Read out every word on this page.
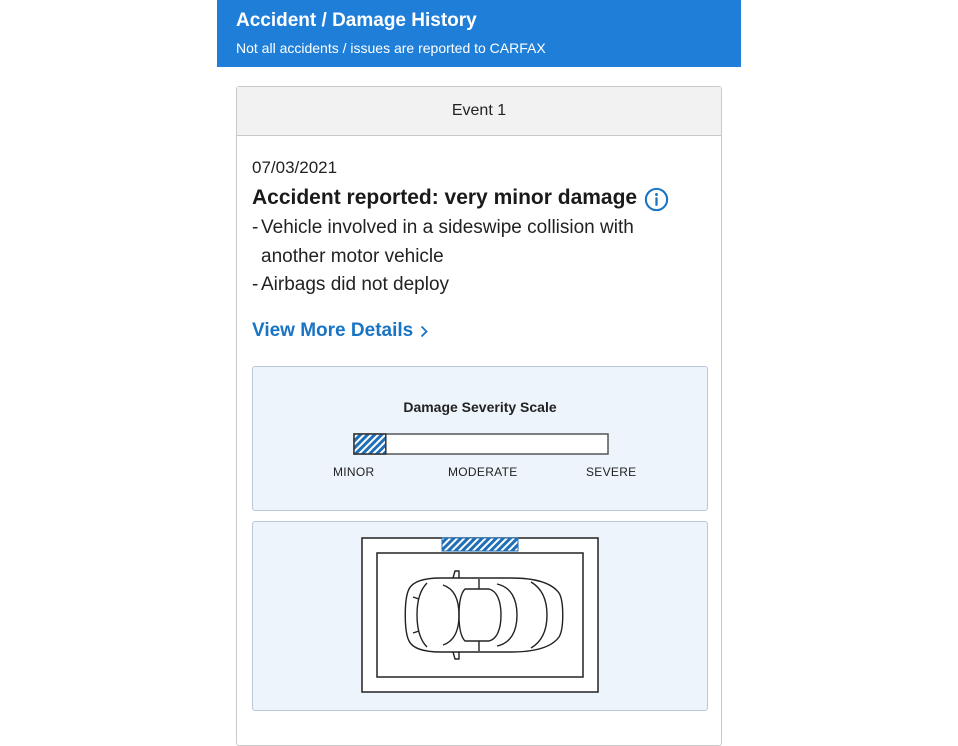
Accident / Damage History
Not all accidents / issues are reported to CARFAX
Event 1
07/03/2021
Accident reported: very minor damage
- Vehicle involved in a sideswipe collision with
another motor vehicle
- Airbags did not deploy
View More Details
Damage Severity Scale
MINOR	MODERATE	SEVERE
